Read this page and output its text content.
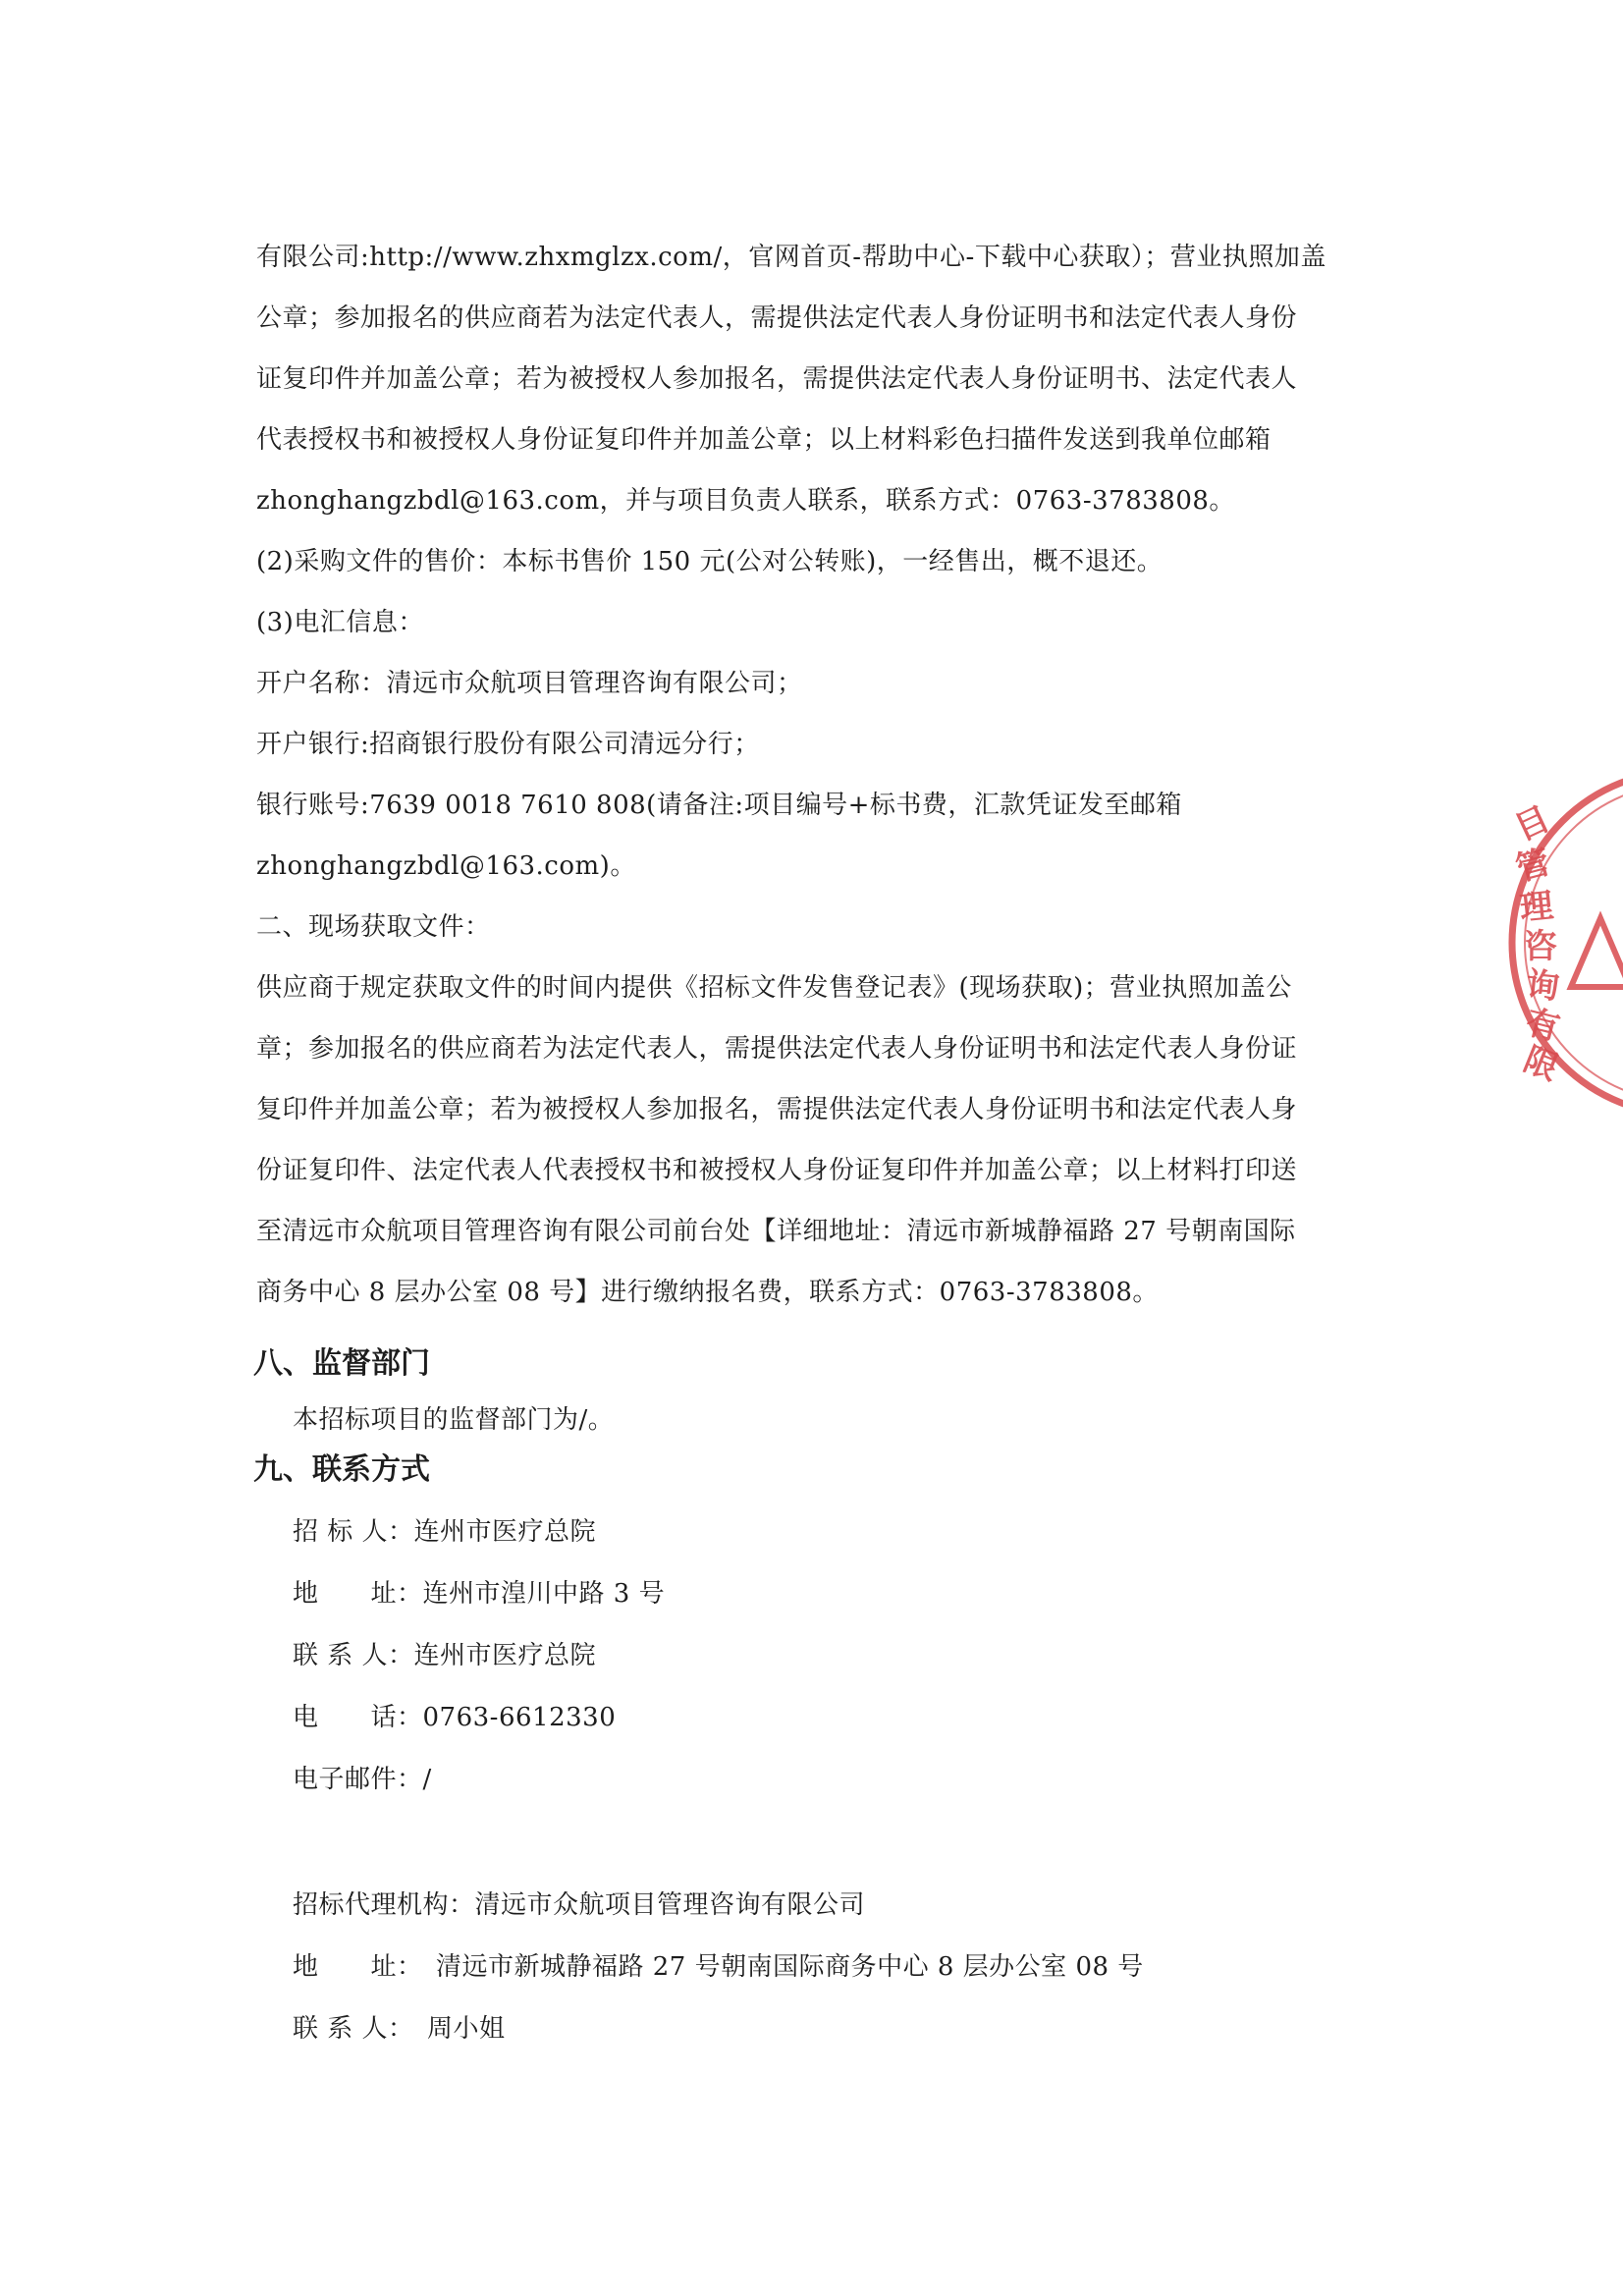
有限公司:http://www.zhxmglzx.com/，官网首页-帮助中心-下载中心获取）；营业执照加盖

公章；参加报名的供应商若为法定代表人，需提供法定代表人身份证明书和法定代表人身份

证复印件并加盖公章；若为被授权人参加报名，需提供法定代表人身份证明书、法定代表人

代表授权书和被授权人身份证复印件并加盖公章；以上材料彩色扫描件发送到我单位邮箱

zhonghangzbdl@163.com，并与项目负责人联系，联系方式：0763-3783808。

(2)采购文件的售价：本标书售价 150 元(公对公转账)，一经售出，概不退还。

(3)电汇信息：

开户名称：清远市众航项目管理咨询有限公司；

开户银行:招商银行股份有限公司清远分行；

银行账号:7639 0018 7610 808(请备注:项目编号+标书费，汇款凭证发至邮箱

zhonghangzbdl@163.com)。

二、现场获取文件：

供应商于规定获取文件的时间内提供《招标文件发售登记表》(现场获取)；营业执照加盖公

章；参加报名的供应商若为法定代表人，需提供法定代表人身份证明书和法定代表人身份证

复印件并加盖公章；若为被授权人参加报名，需提供法定代表人身份证明书和法定代表人身

份证复印件、法定代表人代表授权书和被授权人身份证复印件并加盖公章；以上材料打印送

至清远市众航项目管理咨询有限公司前台处【详细地址：清远市新城静福路 27 号朝南国际

商务中心 8 层办公室 08 号】进行缴纳报名费，联系方式：0763-3783808。

八、监督部门

本招标项目的监督部门为/。

九、联系方式

招 标 人：连州市医疗总院

地　　址：连州市湟川中路 3 号

联 系 人：连州市医疗总院

电　　话：0763-6612330

电子邮件：/

招标代理机构：清远市众航项目管理咨询有限公司

地　　址：　清远市新城静福路 27 号朝南国际商务中心 8 层办公室 08 号

联 系 人：　周小姐

目
管
理
咨
询
有
限
